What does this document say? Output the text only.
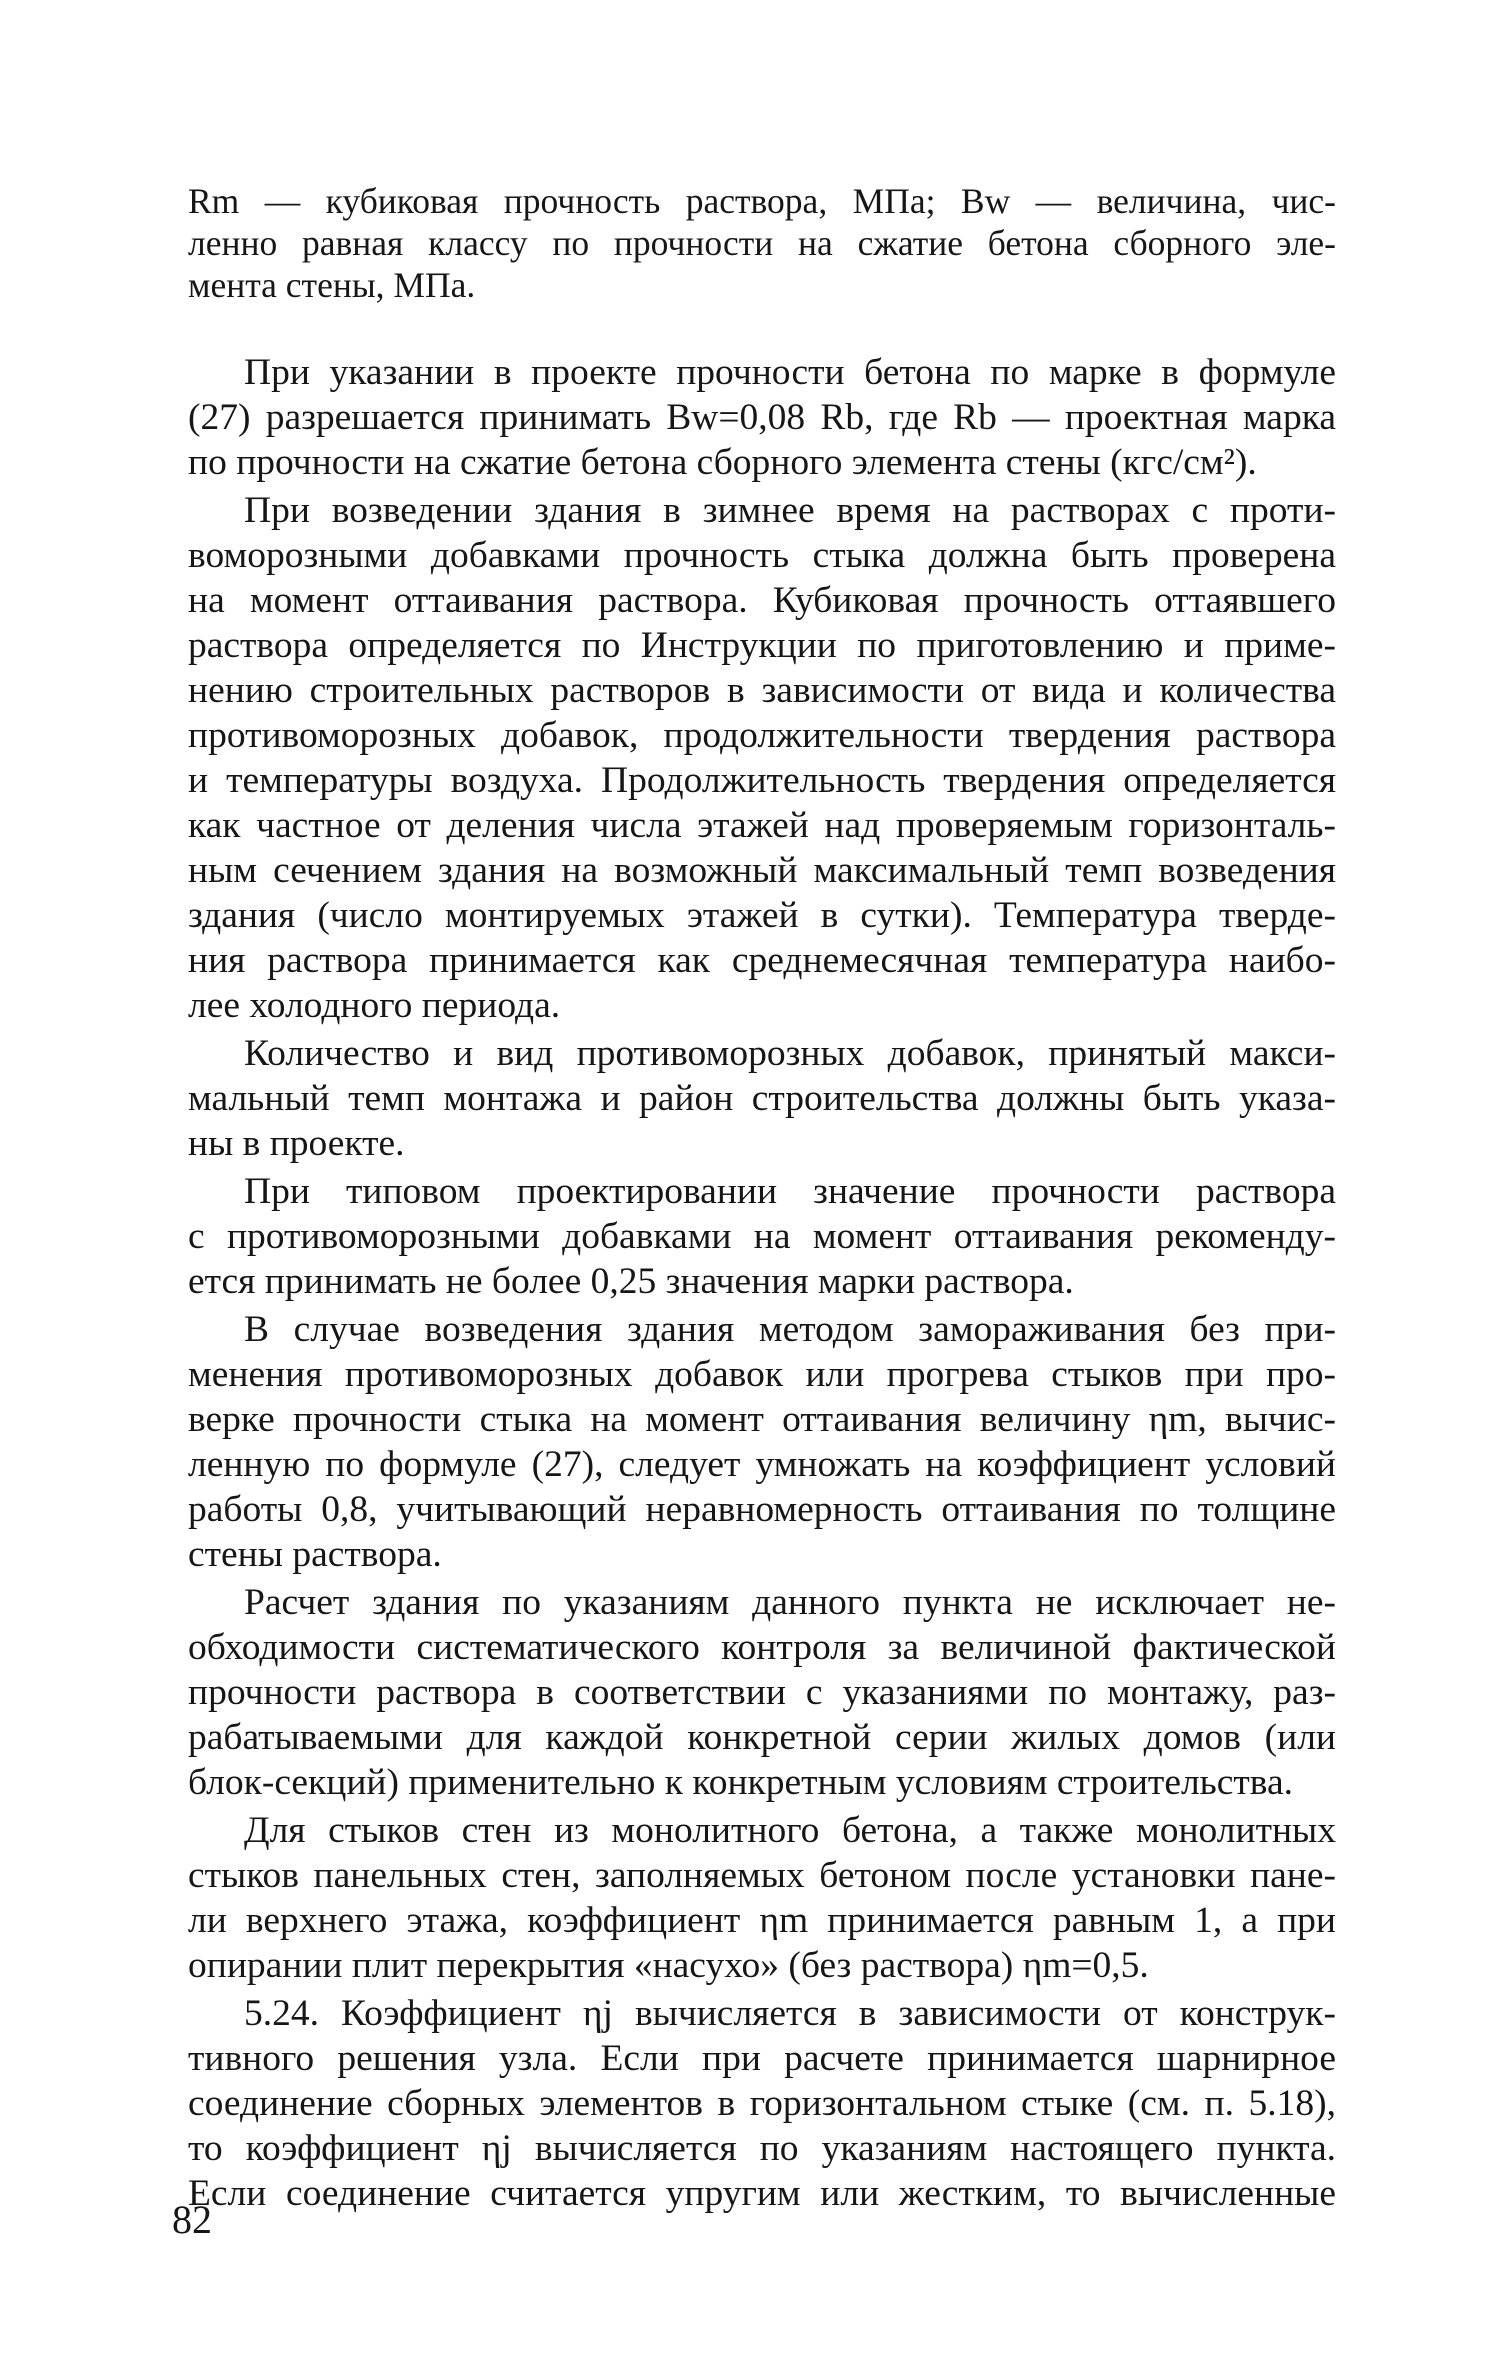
Rm — кубиковая прочность раствора, МПа; Bw — величина, чис-

ленно равная классу по прочности на сжатие бетона сборного эле-

мента стены, МПа.

При указании в проекте прочности бетона по марке в формуле

(27) разрешается принимать Bw=0,08 Rb, где Rb — проектная марка

по прочности на сжатие бетона сборного элемента стены (кгс/см²).

При возведении здания в зимнее время на растворах с проти-

воморозными добавками прочность стыка должна быть проверена

на момент оттаивания раствора. Кубиковая прочность оттаявшего

раствора определяется по Инструкции по приготовлению и приме-

нению строительных растворов в зависимости от вида и количества

противоморозных добавок, продолжительности твердения раствора

и температуры воздуха. Продолжительность твердения определяется

как частное от деления числа этажей над проверяемым горизонталь-

ным сечением здания на возможный максимальный темп возведения

здания (число монтируемых этажей в сутки). Температура тверде-

ния раствора принимается как среднемесячная температура наибо-

лее холодного периода.

Количество и вид противоморозных добавок, принятый макси-

мальный темп монтажа и район строительства должны быть указа-

ны в проекте.

При типовом проектировании значение прочности раствора

с противоморозными добавками на момент оттаивания рекоменду-

ется принимать не более 0,25 значения марки раствора.

В случае возведения здания методом замораживания без при-

менения противоморозных добавок или прогрева стыков при про-

верке прочности стыка на момент оттаивания величину ηm, вычис-

ленную по формуле (27), следует умножать на коэффициент условий

работы 0,8, учитывающий неравномерность оттаивания по толщине

стены раствора.

Расчет здания по указаниям данного пункта не исключает не-

обходимости систематического контроля за величиной фактической

прочности раствора в соответствии с указаниями по монтажу, раз-

рабатываемыми для каждой конкретной серии жилых домов (или

блок-секций) применительно к конкретным условиям строительства.

Для стыков стен из монолитного бетона, а также монолитных

стыков панельных стен, заполняемых бетоном после установки пане-

ли верхнего этажа, коэффициент ηm принимается равным 1, а при

опирании плит перекрытия «насухо» (без раствора) ηm=0,5.

5.24. Коэффициент ηj вычисляется в зависимости от конструк-

тивного решения узла. Если при расчете принимается шарнирное

соединение сборных элементов в горизонтальном стыке (см. п. 5.18),

то коэффициент ηj вычисляется по указаниям настоящего пункта.

Если соединение считается упругим или жестким, то вычисленные

82
